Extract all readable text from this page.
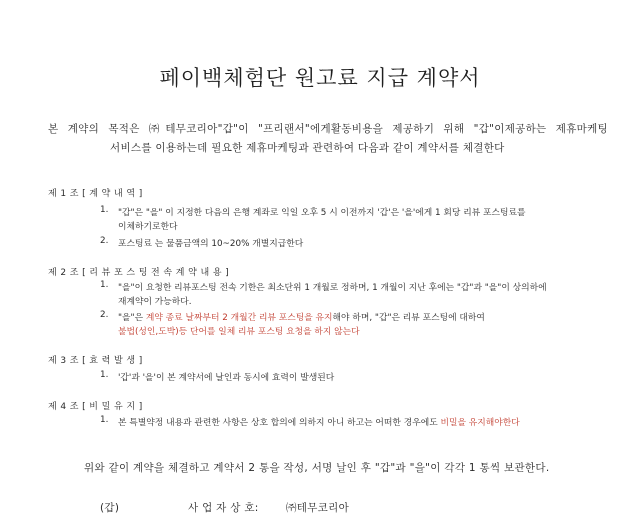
페이백체험단 원고료 지급 계약서
본 계약의 목적은 ㈜테무코리아"갑"이 "프리랜서"에게활동비용을 제공하기 위해 "갑"이제공하는 제휴마케팅
서비스를 이용하는데 필요한 제휴마케팅과 관련하여 다음과 같이 계약서를 체결한다
제 1 조 [ 계 약 내 역 ]
1. "갑"은 "을" 이 지정한 다음의 은행 계좌로 익일 오후 5 시 이전까지 '갑'은 '을'에게 1 회당 리뷰 포스팅료를
이체하기로한다
2. 포스팅료 는 물품금액의 10~20% 개별지급한다
제 2 조 [ 리 뷰 포 스 팅 전 속 계 약 내 용 ]
1. "을"이 요청한 리뷰포스팅 전속 기한은 최소단위 1 개월로 정하며, 1 개월이 지난 후에는 "갑"과 "을"이 상의하에
재계약이 가능하다.
2. "을"은 계약 종료 날짜부터 2 개월간 리뷰 포스팅을 유지해야 하며, "갑"은 리뷰 포스팅에 대하여
불법(성인,도박)등 단어를 일체 리뷰 포스팅 요청을 하지 않는다
제 3 조 [ 효 력 발 생 ]
1. '갑'과 '을'이 본 계약서에 날인과 동시에 효력이 발생된다
제 4 조 [ 비 밀 유 지 ]
1. 본 특별약정 내용과 관련한 사항은 상호 합의에 의하지 아니 하고는 어떠한 경우에도 비밀을 유지해야한다
위와 같이 계약을 체결하고 계약서 2 통을 작성, 서명 날인 후 "갑"과 "을"이 각각 1 통씩 보관한다.
(갑)	사 업 자 상 호:	㈜테무코리아
